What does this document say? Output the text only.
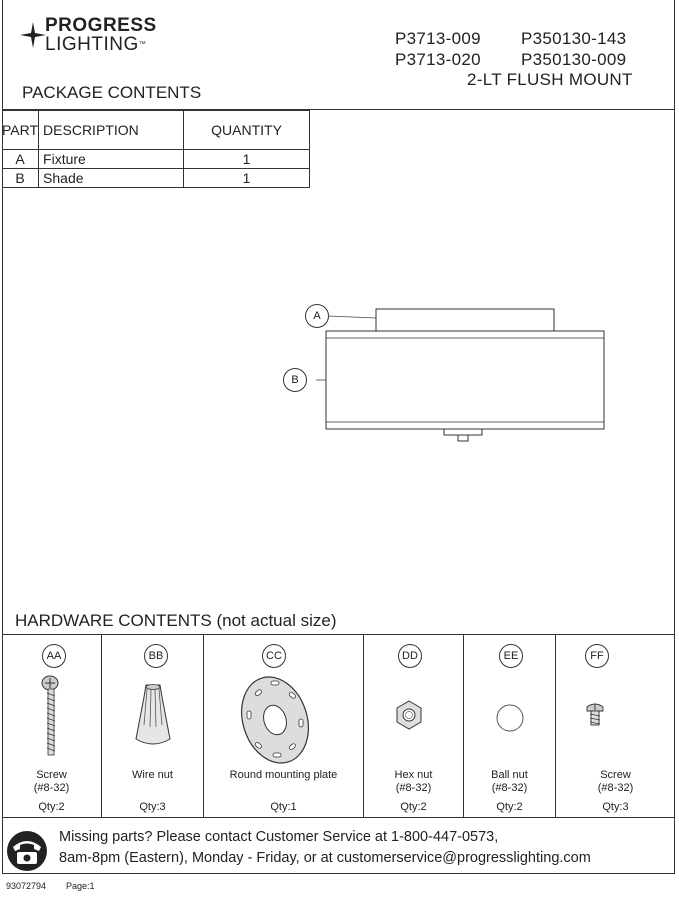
PROGRESS
LIGHTING™	P3713-009
P3713-020
P350130-143
P350130-009
2-LT FLUSH MOUNT
PACKAGE CONTENTS
PART	DESCRIPTION	QUANTITY
A	Fixture	1
B	Shade	1
A
B
HARDWARE CONTENTS (not actual size)
AA
Screw
(#8-32)
Qty:2
BB
Wire nut
Qty:3
CC
Round mounting plate
Qty:1
DD
Hex nut
(#8-32)
Qty:2
EE
Ball nut
(#8-32)
Qty:2
FF
Screw
(#8-32)
Qty:3
Missing parts? Please contact Customer Service at 1-800-447-0573,
8am-8pm (Eastern), Monday - Friday, or at customerservice@progresslighting.com
93072794 Page:1
